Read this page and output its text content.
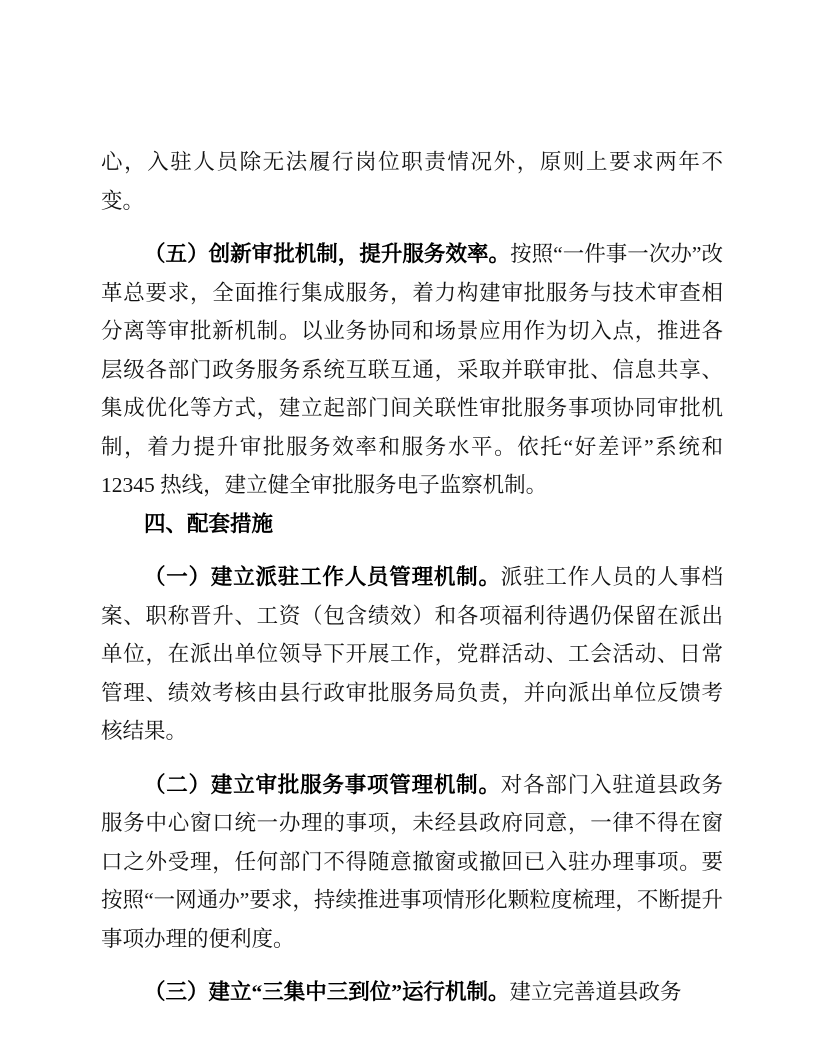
心，入驻人员除无法履行岗位职责情况外，原则上要求两年不变。

（五）创新审批机制，提升服务效率。按照“一件事一次办”改革总要求，全面推行集成服务，着力构建审批服务与技术审查相分离等审批新机制。以业务协同和场景应用作为切入点，推进各层级各部门政务服务系统互联互通，采取并联审批、信息共享、集成优化等方式，建立起部门间关联性审批服务事项协同审批机制，着力提升审批服务效率和服务水平。依托“好差评”系统和12345 热线，建立健全审批服务电子监察机制。

四、配套措施

（一）建立派驻工作人员管理机制。派驻工作人员的人事档案、职称晋升、工资（包含绩效）和各项福利待遇仍保留在派出单位，在派出单位领导下开展工作，党群活动、工会活动、日常管理、绩效考核由县行政审批服务局负责，并向派出单位反馈考核结果。

（二）建立审批服务事项管理机制。对各部门入驻道县政务服务中心窗口统一办理的事项，未经县政府同意，一律不得在窗口之外受理，任何部门不得随意撤窗或撤回已入驻办理事项。要按照“一网通办”要求，持续推进事项情形化颗粒度梳理，不断提升事项办理的便利度。

（三）建立“三集中三到位”运行机制。建立完善道县政务
